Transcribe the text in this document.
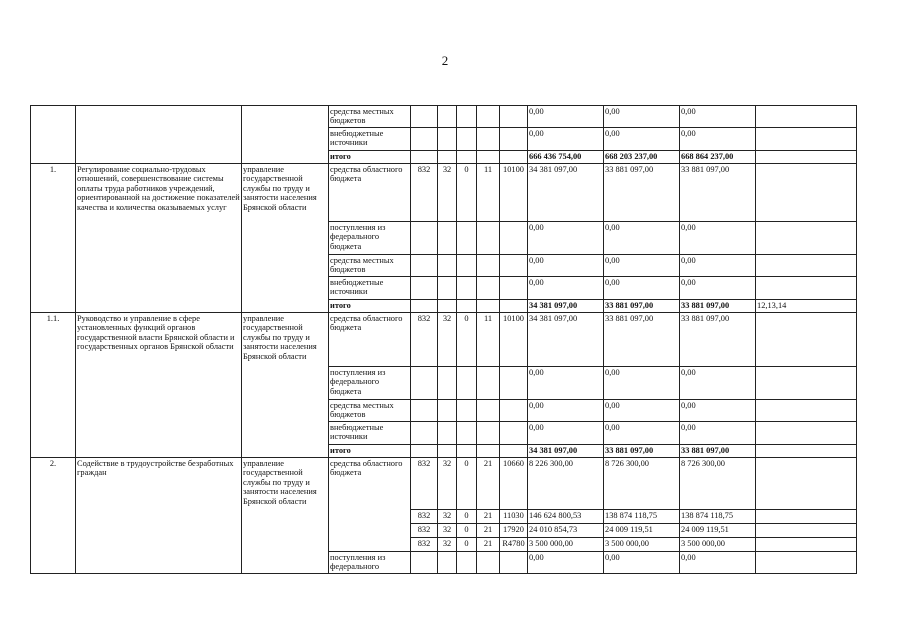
2
			средства местных бюджетов						0,00	0,00	0,00	
			внебюджетные источники						0,00	0,00	0,00	
			итого						666 436 754,00	668 203 237,00	668 864 237,00	
1.	Регулирование социально-трудовых отношений, совершенствование системы оплаты труда работников учреждений, ориентированной на достижение показателей качества и количества оказываемых услуг	управление государственной службы по труду и занятости населения Брянской области	средства областного бюджета	832	32	0	11	10100	34 381 097,00	33 881 097,00	33 881 097,00	
			поступления из федерального бюджета						0,00	0,00	0,00	
			средства местных бюджетов						0,00	0,00	0,00	
			внебюджетные источники						0,00	0,00	0,00	
			итого						34 381 097,00	33 881 097,00	33 881 097,00	12,13,14
1.1.	Руководство и управление в сфере установленных функций органов государственной власти Брянской области и государственных органов Брянской области	управление государственной службы по труду и занятости населения Брянской области	средства областного бюджета	832	32	0	11	10100	34 381 097,00	33 881 097,00	33 881 097,00	
			поступления из федерального бюджета						0,00	0,00	0,00	
			средства местных бюджетов						0,00	0,00	0,00	
			внебюджетные источники						0,00	0,00	0,00	
			итого						34 381 097,00	33 881 097,00	33 881 097,00	
2.	Содействие в трудоустройстве безработных граждан	управление государственной службы по труду и занятости населения Брянской области	средства областного бюджета	832	32	0	21	10660	8 226 300,00	8 726 300,00	8 726 300,00	
				832	32	0	21	11030	146 624 800,53	138 874 118,75	138 874 118,75	
				832	32	0	21	17920	24 010 854,73	24 009 119,51	24 009 119,51	
				832	32	0	21	R4780	3 500 000,00	3 500 000,00	3 500 000,00	
			поступления из федерального						0,00	0,00	0,00	
